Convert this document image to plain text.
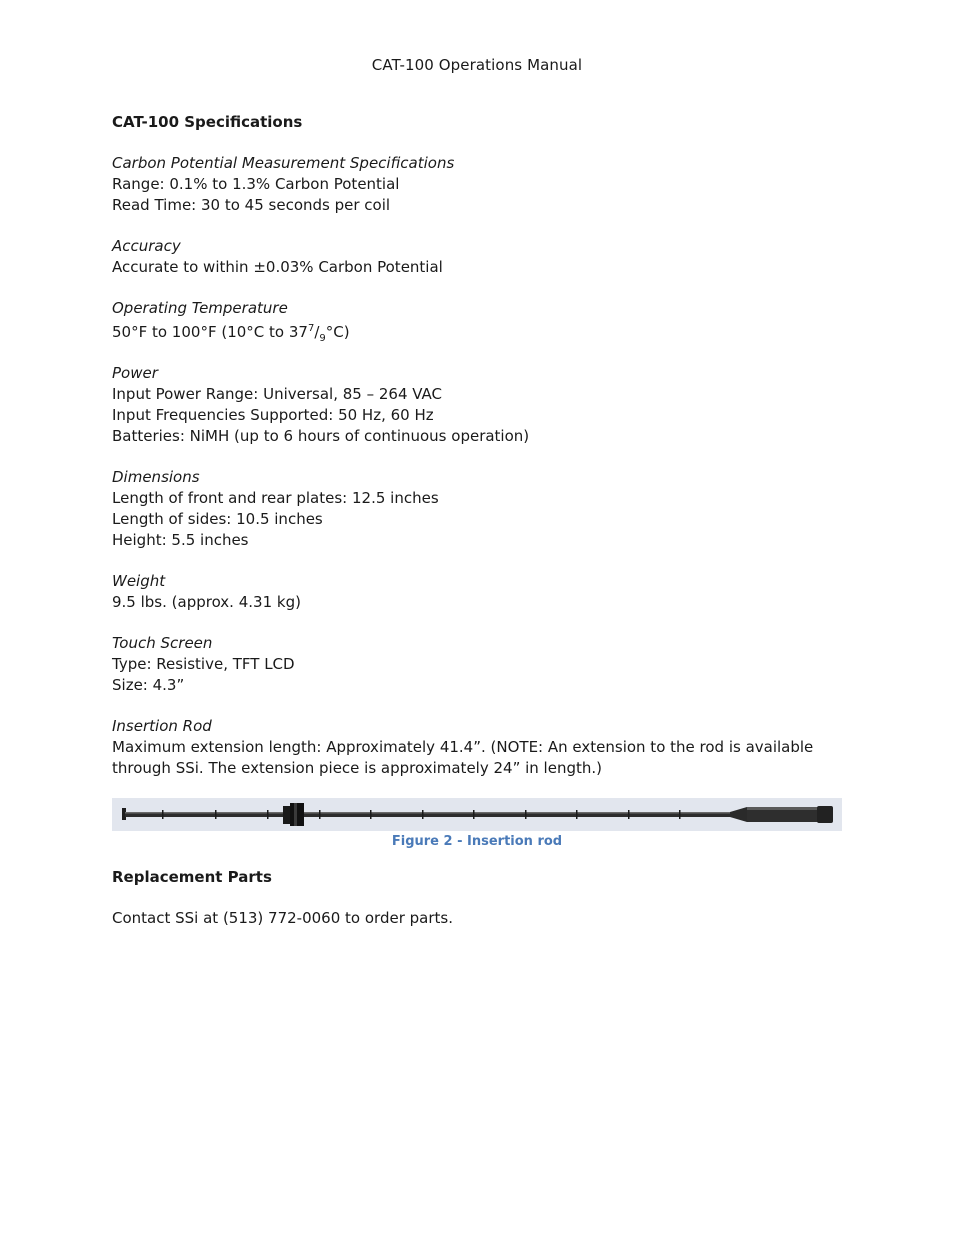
CAT-100 Operations Manual
CAT-100 Specifications
Carbon Potential Measurement Specifications
Range: 0.1% to 1.3% Carbon Potential
Read Time: 30 to 45 seconds per coil
Accuracy
Accurate to within ±0.03% Carbon Potential
Operating Temperature
50°F to 100°F (10°C to $37^7/_9^\circ C$)
Power
Input Power Range: Universal, 85 – 264 VAC
Input Frequencies Supported: 50 Hz, 60 Hz
Batteries: NiMH (up to 6 hours of continuous operation)
Dimensions
Length of front and rear plates: 12.5 inches
Length of sides: 10.5 inches
Height: 5.5 inches
Weight
9.5 lbs. (approx. 4.31 kg)
Touch Screen
Type: Resistive, TFT LCD
Size: 4.3”
Insertion Rod
Maximum extension length: Approximately 41.4”. (NOTE: An extension to the rod is available through SSi. The extension piece is approximately 24” in length.)
Figure 2 - Insertion rod
Replacement Parts
Contact SSi at (513) 772-0060 to order parts.
